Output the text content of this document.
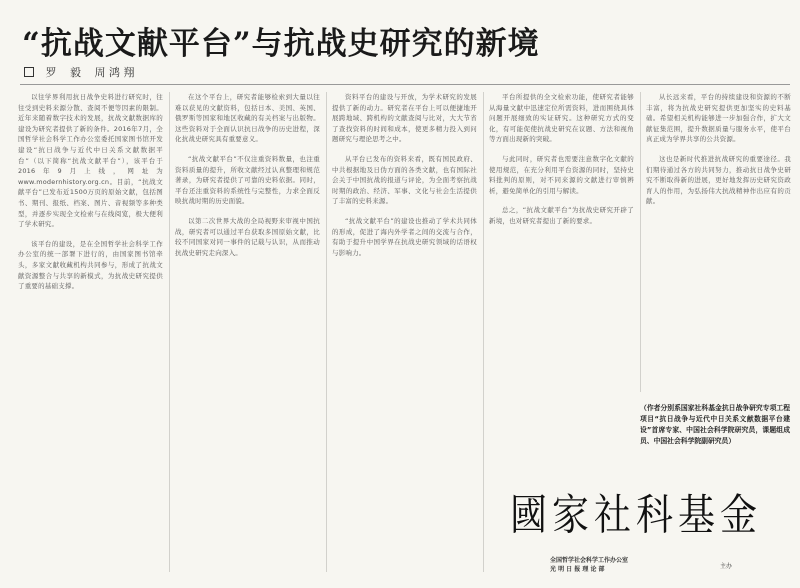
“抗战文献平台”与抗战史研究的新境
罗 毅 周 鸿 翔

以往学界利用抗日战争史料进行研究时，往往受到史料来源分散、查阅不便等因素的限制。近年来随着数字技术的发展，抗战文献数据库的建设为研究者提供了新的条件。2016年7月，全国哲学社会科学工作办公室委托国家图书馆开发建设“抗日战争与近代中日关系文献数据平台”（以下简称“抗战文献平台”），该平台于2016年9月上线，网址为www.modernhistory.org.cn。目前，“抗战文献平台”已发布近1500万页的原始文献，包括图书、期刊、报纸、档案、图片、音视频等多种类型，并逐步实现全文检索与在线阅览，极大便利了学术研究。

该平台的建设，是在全国哲学社会科学工作办公室的统一部署下进行的，由国家图书馆牵头，多家文献收藏机构共同参与，形成了抗战文献资源整合与共享的新模式，为抗战史研究提供了重要的基础支撑。

在这个平台上，研究者能够检索到大量以往难以获见的文献资料，包括日本、美国、英国、俄罗斯等国家和地区收藏的有关档案与出版物。这些资料对于全面认识抗日战争的历史进程，深化抗战史研究具有重要意义。

“抗战文献平台”不仅注重资料数量，也注重资料质量的提升，所收文献经过认真整理和规范著录，为研究者提供了可靠的史料依据。同时，平台还注重资料的系统性与完整性，力求全面反映抗战时期的历史面貌。

以第二次世界大战的全局视野来审视中国抗战，研究者可以通过平台获取多国原始文献，比较不同国家对同一事件的记载与认识，从而推动抗战史研究走向深入。

资料平台的建设与开放，为学术研究的发展提供了新的动力。研究者在平台上可以便捷地开展跨地域、跨机构的文献查阅与比对，大大节省了查找资料的时间和成本，使更多精力投入到问题研究与理论思考之中。

从平台已发布的资料来看，既有国民政府、中共根据地及日伪方面的各类文献，也有国际社会关于中国抗战的报道与评论，为全面考察抗战时期的政治、经济、军事、文化与社会生活提供了丰富的史料来源。

“抗战文献平台”的建设也推动了学术共同体的形成，促进了海内外学者之间的交流与合作，有助于提升中国学界在抗战史研究领域的话语权与影响力。

平台所提供的全文检索功能，使研究者能够从海量文献中迅速定位所需资料，进而围绕具体问题开展细致的实证研究。这种研究方式的变化，有可能促使抗战史研究在议题、方法和视角等方面出现新的突破。

与此同时，研究者也需要注意数字化文献的使用规范，在充分利用平台资源的同时，坚持史料批判的原则，对不同来源的文献进行审慎辨析，避免简单化的引用与解读。

总之，“抗战文献平台”为抗战史研究开辟了新境，也对研究者提出了新的要求。

从长远来看，平台的持续建设和资源的不断丰富，将为抗战史研究提供更加坚实的史料基础。希望相关机构能够进一步加强合作，扩大文献征集范围，提升数据质量与服务水平，使平台真正成为学界共享的公共资源。

这也是新时代推进抗战研究的重要途径。我们期待通过各方的共同努力，推动抗日战争史研究不断取得新的进展，更好地发挥历史研究资政育人的作用，为弘扬伟大抗战精神作出应有的贡献。

（作者分别系国家社科基金抗日战争研究专项工程项目“抗日战争与近代中日关系文献数据平台建设”首席专家、中国社会科学院研究员，课题组成员、中国社会科学院副研究员）
國家社科基金
全国哲学社会科学工作办公室
光 明 日 报 理 论 部	主办
